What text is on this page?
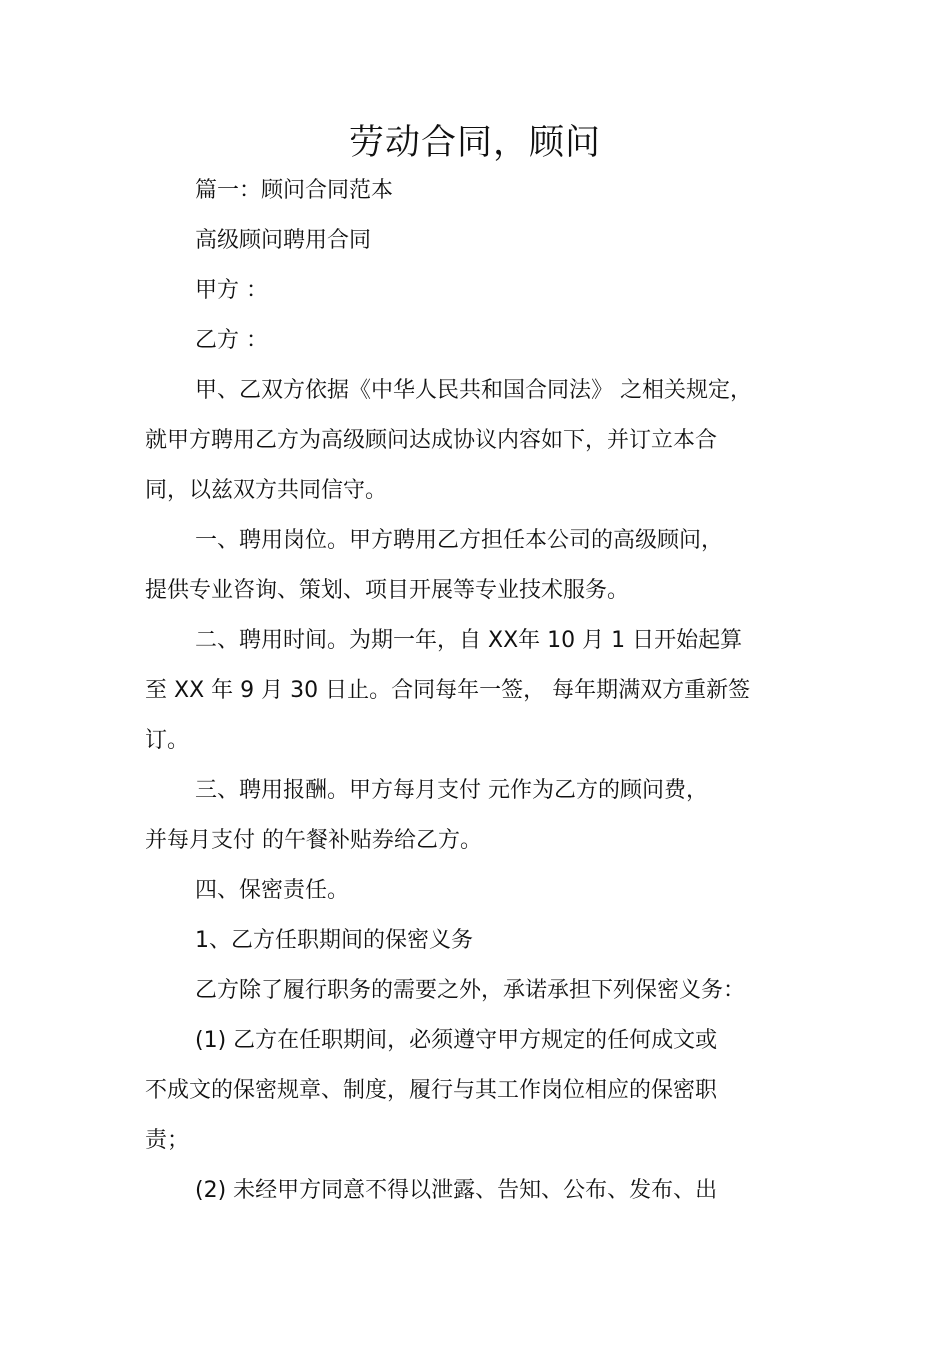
劳动合同，顾问
篇一：顾问合同范本
高级顾问聘用合同
甲方 ：
乙方 ：
甲、乙双方依据《中华人民共和国合同法》 之相关规定，
就甲方聘用乙方为高级顾问达成协议内容如下，并订立本合
同，以兹双方共同信守。
一、聘用岗位。甲方聘用乙方担任本公司的高级顾问，
提供专业咨询、策划、项目开展等专业技术服务。
二、聘用时间。为期一年，自 XX年 10 月 1 日开始起算
至 XX 年 9 月 30 日止。合同每年一签， 每年期满双方重新签
订。
三、聘用报酬。甲方每月支付 元作为乙方的顾问费，
并每月支付 的午餐补贴券给乙方。
四、保密责任。
1、乙方任职期间的保密义务
乙方除了履行职务的需要之外，承诺承担下列保密义务：
(1) 乙方在任职期间，必须遵守甲方规定的任何成文或
不成文的保密规章、制度，履行与其工作岗位相应的保密职
责；
(2) 未经甲方同意不得以泄露、告知、公布、发布、出
